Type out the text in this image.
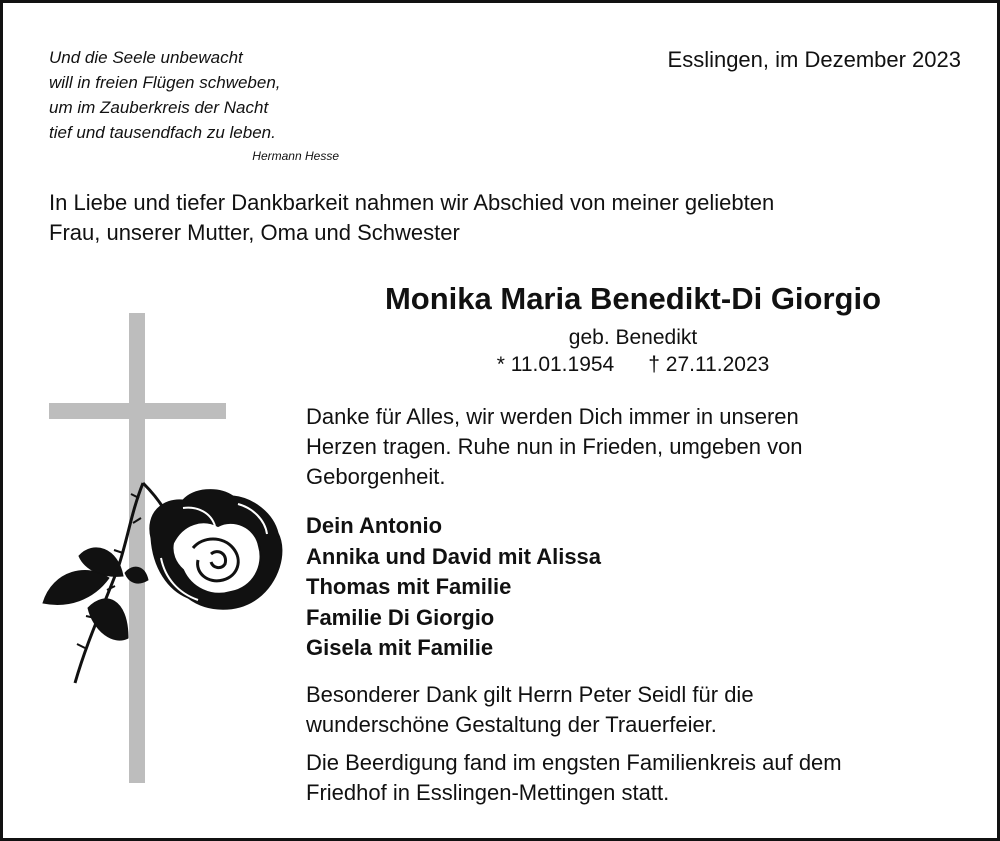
Und die Seele unbewacht
will in freien Flügen schweben,
um im Zauberkreis der Nacht
tief und tausendfach zu leben.
Hermann Hesse
Esslingen, im Dezember 2023
In Liebe und tiefer Dankbarkeit nahmen wir Abschied von meiner geliebten
Frau, unserer Mutter, Oma und Schwester
Monika Maria Benedikt-Di Giorgio
geb. Benedikt
* 11.01.1954 † 27.11.2023
Danke für Alles, wir werden Dich immer in unseren
Herzen tragen. Ruhe nun in Frieden, umgeben von
Geborgenheit.
Dein Antonio
Annika und David mit Alissa
Thomas mit Familie
Familie Di Giorgio
Gisela mit Familie
Besonderer Dank gilt Herrn Peter Seidl für die
wunderschöne Gestaltung der Trauerfeier.
Die Beerdigung fand im engsten Familienkreis auf dem
Friedhof in Esslingen-Mettingen statt.
